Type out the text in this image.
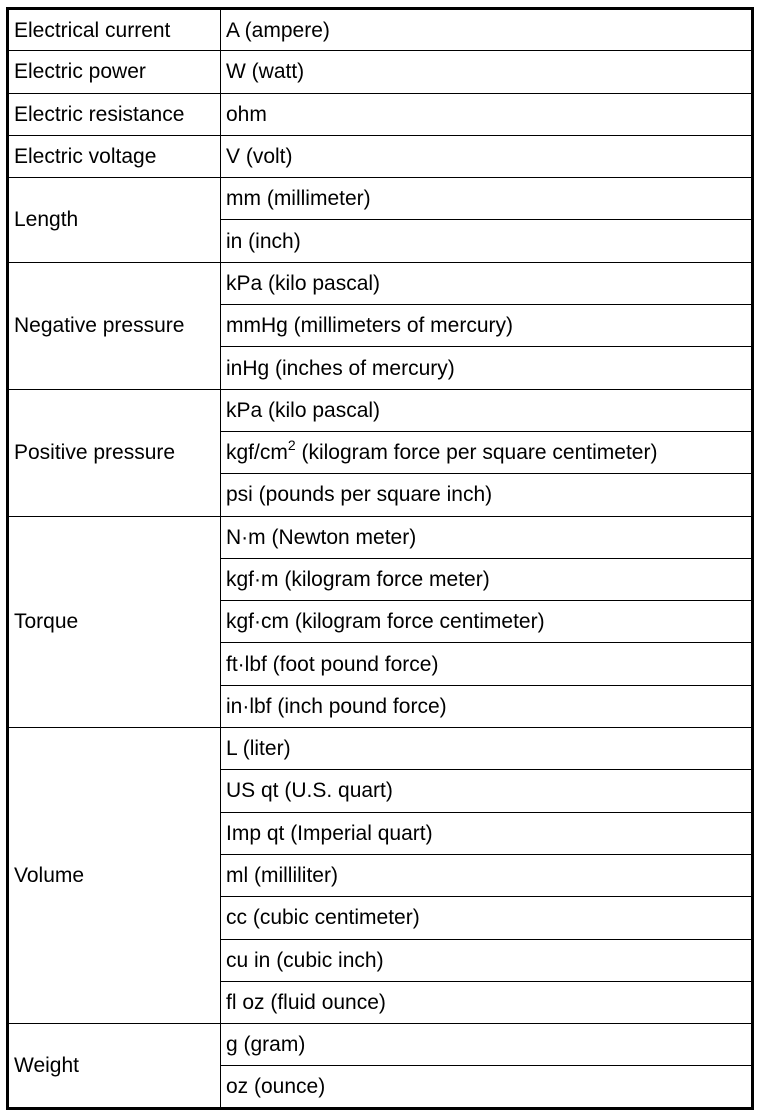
Electrical current	A (ampere)
Electric power	W (watt)
Electric resistance	ohm
Electric voltage	V (volt)
Length	mm (millimeter)
	in (inch)
Negative pressure	kPa (kilo pascal)
	mmHg (millimeters of mercury)
	inHg (inches of mercury)
Positive pressure	kPa (kilo pascal)
	kgf/$cm^2$ (kilogram force per square centimeter)
	psi (pounds per square inch)
Torque	N·m (Newton meter)
	kgf·m (kilogram force meter)
	kgf·cm (kilogram force centimeter)
	ft·lbf (foot pound force)
	in·lbf (inch pound force)
Volume	L (liter)
	US qt (U.S. quart)
	Imp qt (Imperial quart)
	ml (milliliter)
	cc (cubic centimeter)
	cu in (cubic inch)
	fl oz (fluid ounce)
Weight	g (gram)
	oz (ounce)
